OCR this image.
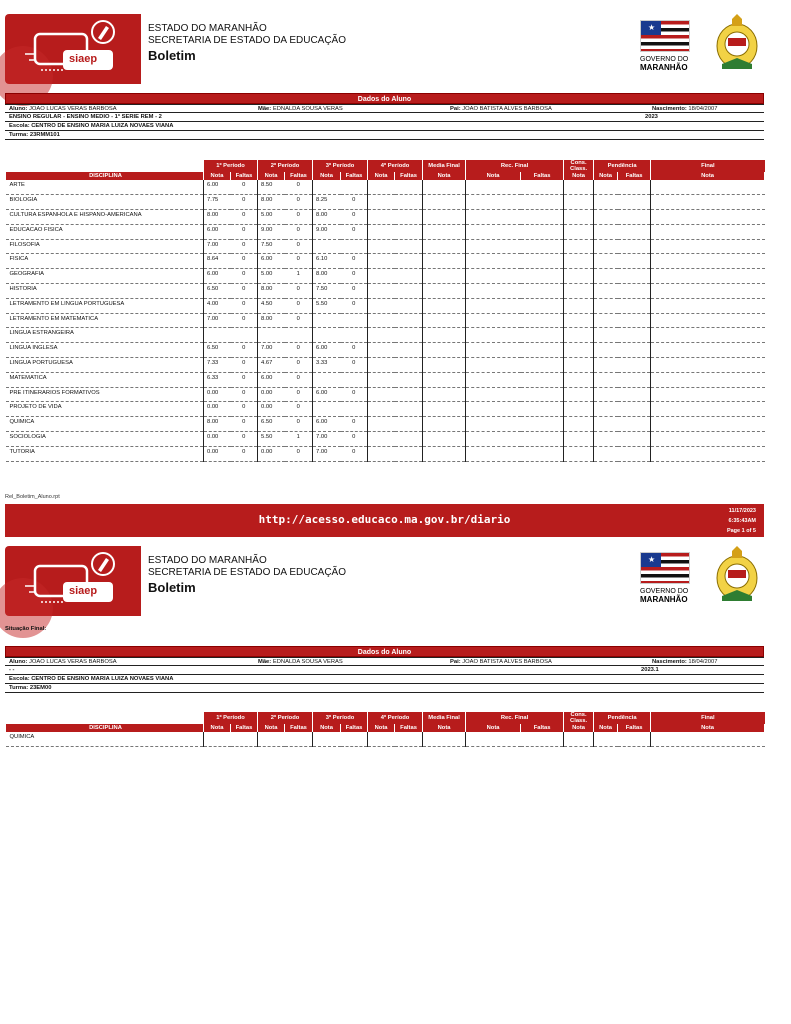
siaep
ESTADO DO MARANHÃO
SECRETARIA DE ESTADO DA EDUCAÇÃO
Boletim
★
GOVERNO DO
MARANHÃO
Dados do Aluno
Aluno: JOAO LUCAS VERAS BARBOSA	Mãe: EDNALDA SOUSA VERAS	Pai: JOAO BATISTA ALVES BARBOSA	Nascimento: 18/04/2007
ENSINO REGULAR - ENSINO MEDIO - 1ª SERIE REM - 2	2023
Escola: CENTRO DE ENSINO MARIA LUIZA NOVAES VIANA
Turma: 23RMM101
	1º Período		2º Período		3º Período		4º Período		Media Final	Rec. Final		Cons. Class.	Pendência		Final	
DISCIPLINA	Nota	Faltas	Nota	Faltas	Nota	Faltas	Nota	Faltas	Nota	Nota	Faltas	Nota	Nota	Faltas	Nota	Situação
ARTE	6.00	0	8.50	0												
BIOLOGIA	7.75	0	8.00	0	8.25	0										
CULTURA ESPANHOLA E HISPANO-AMERICANA	8.00	0	5.00	0	8.00	0										
EDUCACAO FISICA	6.00	0	9.00	0	9.00	0										
FILOSOFIA	7.00	0	7.50	0												
FISICA	8.64	0	6.00	0	6.10	0										
GEOGRAFIA	6.00	0	5.00	1	8.00	0										
HISTORIA	6.50	0	8.00	0	7.50	0										
LETRAMENTO EM LINGUA PORTUGUESA	4.00	0	4.50	0	5.50	0										
LETRAMENTO EM MATEMATICA	7.00	0	8.00	0												
LINGUA ESTRANGEIRA																
LINGUA INGLESA	6.50	0	7.00	0	6.00	0										
LINGUA PORTUGUESA	7.33	0	4.67	0	3.33	0										
MATEMATICA	6.33	0	6.00	0												
PRE ITINERARIOS FORMATIVOS	0.00	0	0.00	0	6.00	0										
PROJETO DE VIDA	0.00	0	0.00	0												
QUIMICA	8.00	0	6.50	0	6.00	0										
SOCIOLOGIA	0.00	0	5.50	1	7.00	0										
TUTORIA	0.00	0	0.00	0	7.00	0										
Rel_Boletim_Aluno.rpt
http://acesso.educaco.ma.gov.br/diario
11/17/2023
6:35:43AM
Page 1 of 5
siaep
ESTADO DO MARANHÃO
SECRETARIA DE ESTADO DA EDUCAÇÃO
Boletim
★
GOVERNO DO
MARANHÃO
Situação Final:
Dados do Aluno
Aluno: JOAO LUCAS VERAS BARBOSA	Mãe: EDNALDA SOUSA VERAS	Pai: JOAO BATISTA ALVES BARBOSA	Nascimento: 18/04/2007
- -	2023.1
Escola: CENTRO DE ENSINO MARIA LUIZA NOVAES VIANA
Turma: 23EM00
	1º Período		2º Período		3º Período		4º Período		Media Final	Rec. Final		Cons. Class.	Pendência		Final	
DISCIPLINA	Nota	Faltas	Nota	Faltas	Nota	Faltas	Nota	Faltas	Nota	Nota	Faltas	Nota	Nota	Faltas	Nota	Situação
QUIMICA																
